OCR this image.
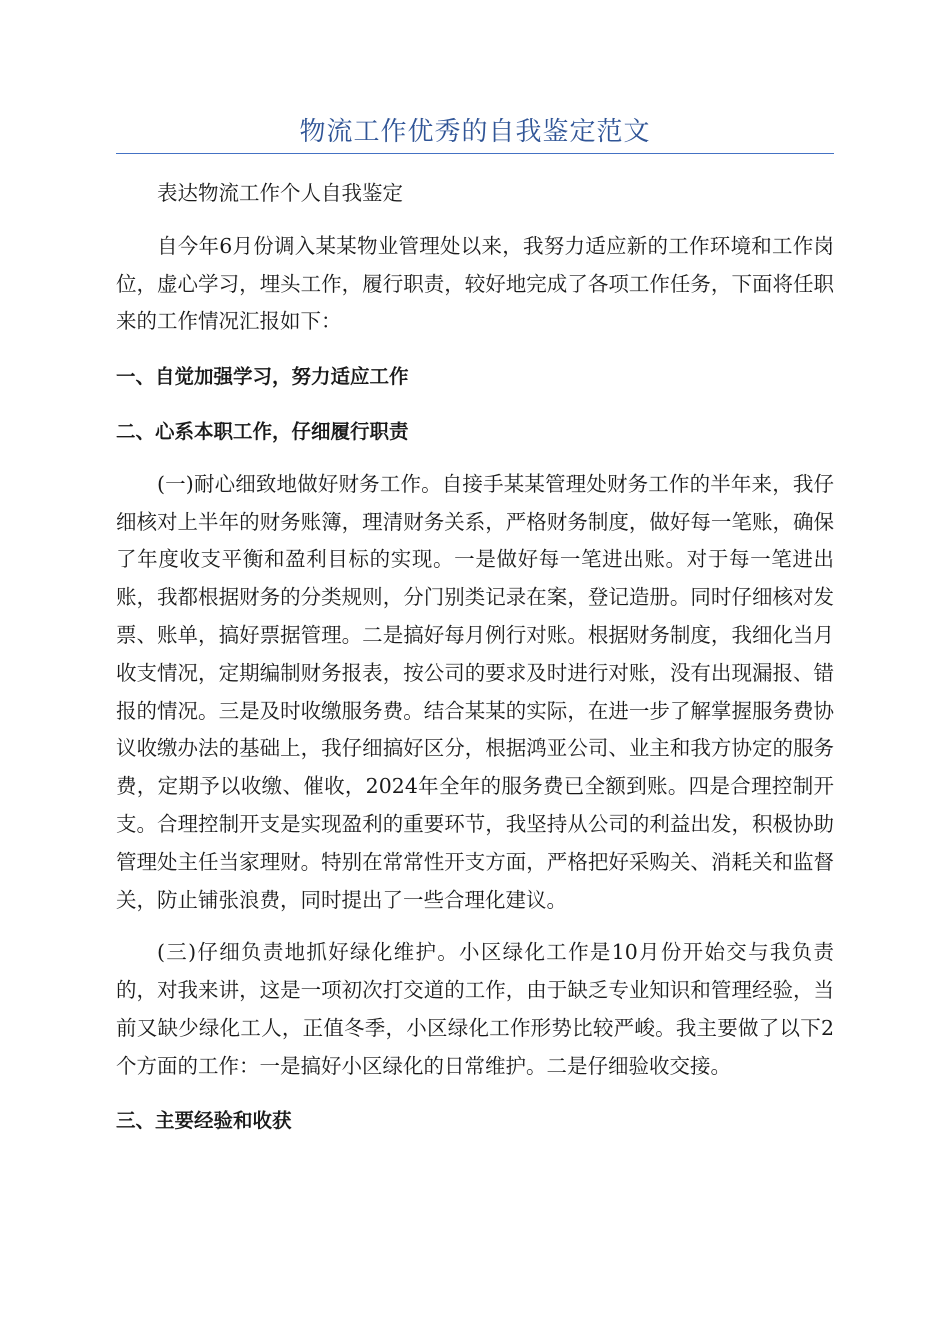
物流工作优秀的自我鉴定范文

表达物流工作个人自我鉴定

自今年6月份调入某某物业管理处以来，我努力适应新的工作环境和工作岗位，虚心学习，埋头工作，履行职责，较好地完成了各项工作任务，下面将任职来的工作情况汇报如下：

一、自觉加强学习，努力适应工作
二、心系本职工作，仔细履行职责

(一)耐心细致地做好财务工作。自接手某某管理处财务工作的半年来，我仔细核对上半年的财务账簿，理清财务关系，严格财务制度，做好每一笔账，确保了年度收支平衡和盈利目标的实现。一是做好每一笔进出账。对于每一笔进出账，我都根据财务的分类规则，分门别类记录在案，登记造册。同时仔细核对发票、账单，搞好票据管理。二是搞好每月例行对账。根据财务制度，我细化当月收支情况，定期编制财务报表，按公司的要求及时进行对账，没有出现漏报、错报的情况。三是及时收缴服务费。结合某某的实际，在进一步了解掌握服务费协议收缴办法的基础上，我仔细搞好区分，根据鸿亚公司、业主和我方协定的服务费，定期予以收缴、催收，2024年全年的服务费已全额到账。四是合理控制开支。合理控制开支是实现盈利的重要环节，我坚持从公司的利益出发，积极协助管理处主任当家理财。特别在常常性开支方面，严格把好采购关、消耗关和监督关，防止铺张浪费，同时提出了一些合理化建议。

(三)仔细负责地抓好绿化维护。小区绿化工作是10月份开始交与我负责的，对我来讲，这是一项初次打交道的工作，由于缺乏专业知识和管理经验，当前又缺少绿化工人，正值冬季，小区绿化工作形势比较严峻。我主要做了以下2个方面的工作：一是搞好小区绿化的日常维护。二是仔细验收交接。

三、主要经验和收获
